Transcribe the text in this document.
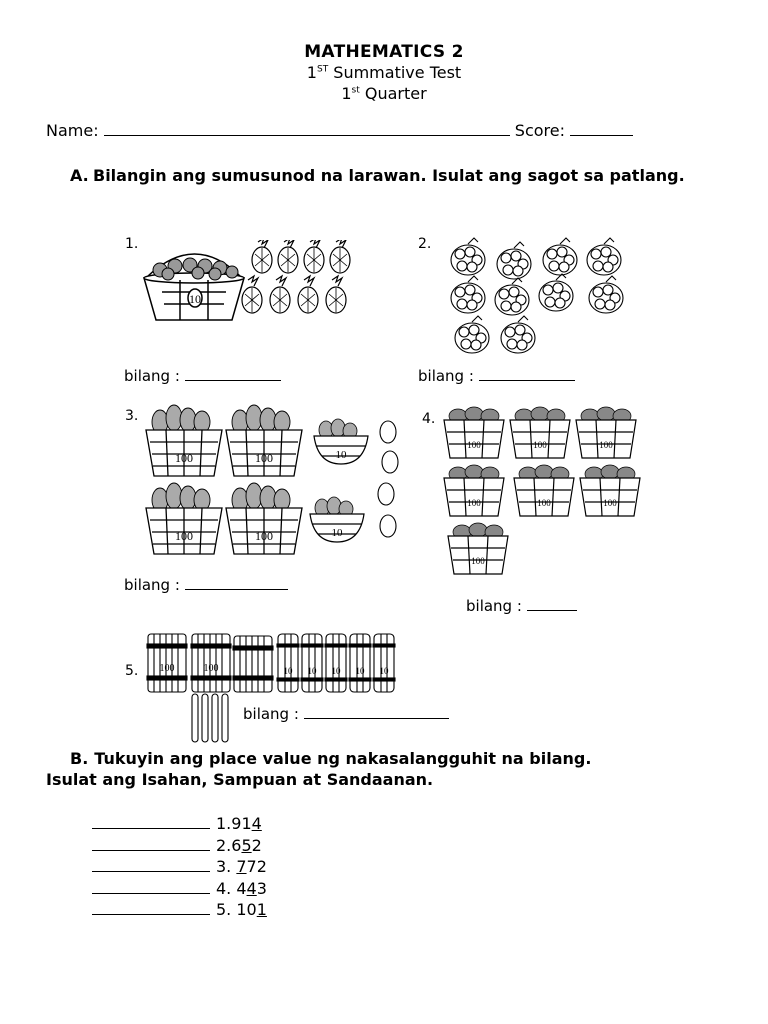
MATHEMATICS 2
1ST Summative Test
1st Quarter
Name:	Score:
A. Bilangin ang sumusunod na larawan. Isulat ang sagot sa patlang.
1.
10
bilang :
2.
bilang :
3.
100	100
100	100
10
10
bilang :
4.
100	100	100
100	100	100
100
bilang :
5. 100	100	10 10 10 10 10
bilang :
B. Tukuyin ang place value ng nakasalangguhit na bilang.
Isulat ang Isahan, Sampuan at Sandaanan.
1.914
2.652
3. 772
4. 443
5. 101
